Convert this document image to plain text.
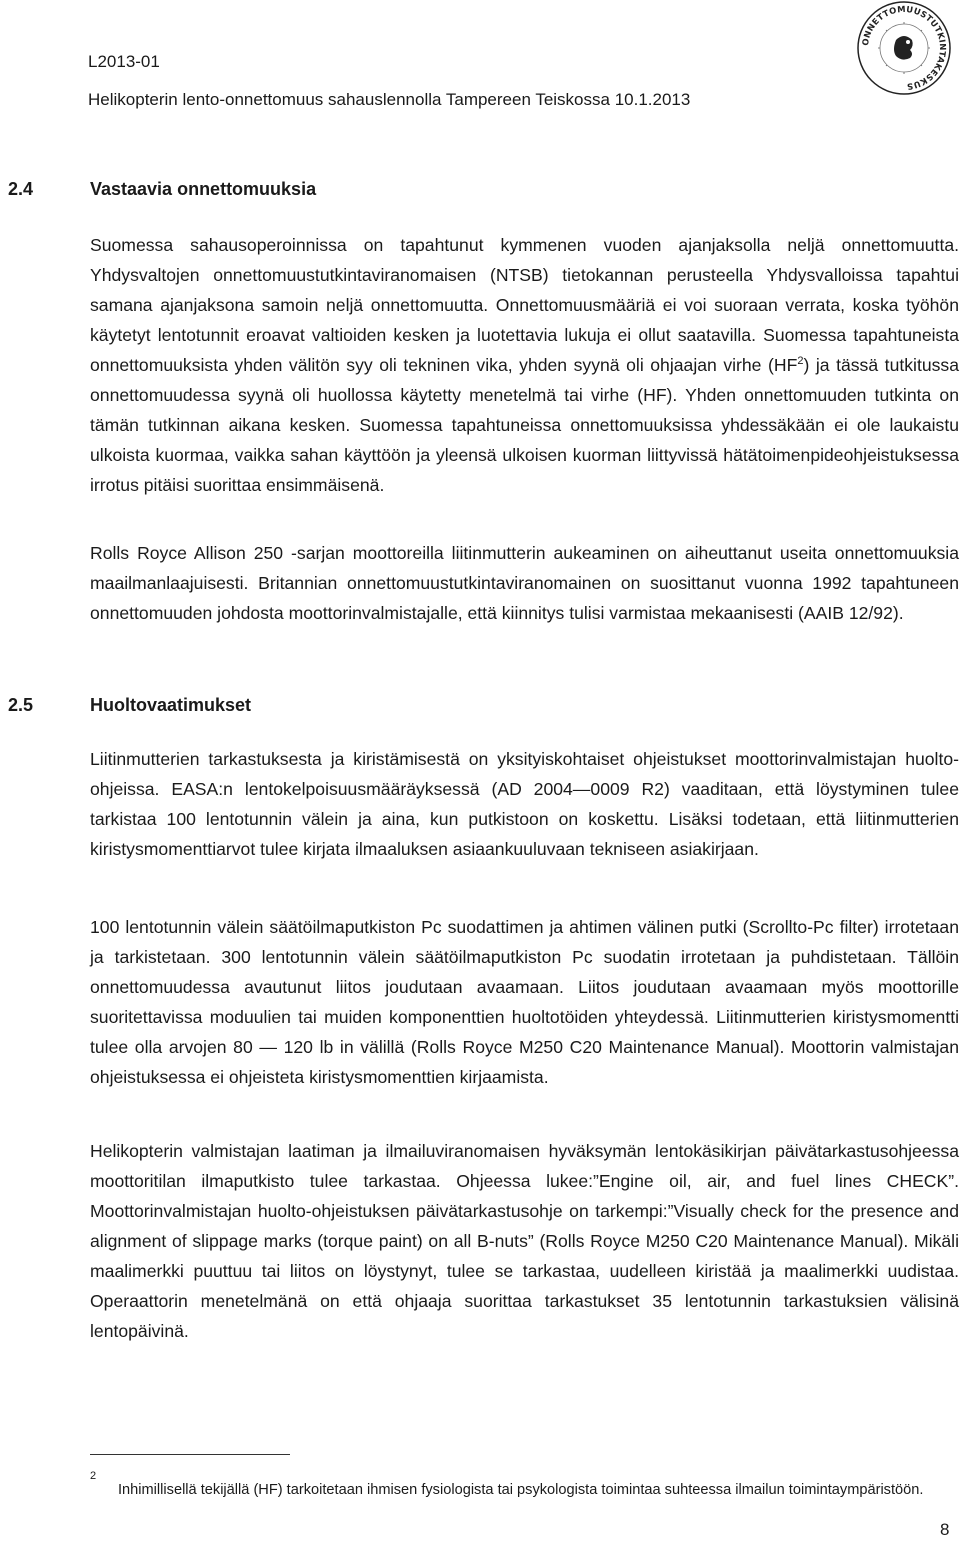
L2013-01
Helikopterin lento-onnettomuus sahauslennolla Tampereen Teiskossa 10.1.2013
ONNETTOMUUSTUTKINTAKESKUS
2.4	Vastaavia onnettomuuksia

Suomessa sahausoperoinnissa on tapahtunut kymmenen vuoden ajanjaksolla neljä onnettomuutta. Yhdysvaltojen onnettomuustutkintaviranomaisen (NTSB) tietokannan perusteella Yhdysvalloissa tapahtui samana ajanjaksona samoin neljä onnettomuutta. Onnettomuusmääriä ei voi suoraan verrata, koska työhön käytetyt lentotunnit eroavat valtioiden kesken ja luotettavia lukuja ei ollut saatavilla. Suomessa tapahtuneista onnettomuuksista yhden välitön syy oli tekninen vika, yhden syynä oli ohjaajan virhe $(HF^2)$ ja tässä tutkitussa onnettomuudessa syynä oli huollossa käytetty menetelmä tai virhe (HF). Yhden onnettomuuden tutkinta on tämän tutkinnan aikana kesken. Suomessa tapahtuneissa onnettomuuksissa yhdessäkään ei ole laukaistu ulkoista kuormaa, vaikka sahan käyttöön ja yleensä ulkoisen kuorman liittyvissä hätätoimenpideohjeistuksessa irrotus pitäisi suorittaa ensimmäisenä.

Rolls Royce Allison 250 -sarjan moottoreilla liitinmutterin aukeaminen on aiheuttanut useita onnettomuuksia maailmanlaajuisesti. Britannian onnettomuustutkintaviranomainen on suosittanut vuonna 1992 tapahtuneen onnettomuuden johdosta moottorinvalmistajalle, että kiinnitys tulisi varmistaa mekaanisesti (AAIB 12/92).

2.5	Huoltovaatimukset

Liitinmutterien tarkastuksesta ja kiristämisestä on yksityiskohtaiset ohjeistukset moottorinvalmistajan huolto-ohjeissa. EASA:n lentokelpoisuusmääräyksessä (AD 2004—0009 R2) vaaditaan, että löystyminen tulee tarkistaa 100 lentotunnin välein ja aina, kun putkistoon on koskettu. Lisäksi todetaan, että liitinmutterien kiristysmomenttiarvot tulee kirjata ilmaaluksen asiaankuuluvaan tekniseen asiakirjaan.

100 lentotunnin välein säätöilmaputkiston Pc suodattimen ja ahtimen välinen putki (Scrollto-Pc filter) irrotetaan ja tarkistetaan. 300 lentotunnin välein säätöilmaputkiston Pc suodatin irrotetaan ja puhdistetaan. Tällöin onnettomuudessa avautunut liitos joudutaan avaamaan. Liitos joudutaan avaamaan myös moottorille suoritettavissa moduulien tai muiden komponenttien huoltotöiden yhteydessä. Liitinmutterien kiristysmomentti tulee olla arvojen 80 — 120 lb in välillä (Rolls Royce M250 C20 Maintenance Manual). Moottorin valmistajan ohjeistuksessa ei ohjeisteta kiristysmomenttien kirjaamista.

Helikopterin valmistajan laatiman ja ilmailuviranomaisen hyväksymän lentokäsikirjan päivätarkastusohjeessa moottoritilan ilmaputkisto tulee tarkastaa. Ohjeessa lukee:”Engine oil, air, and fuel lines CHECK”. Moottorinvalmistajan huolto-ohjeistuksen päivätarkastusohje on tarkempi:”Visually check for the presence and alignment of slippage marks (torque paint) on all B-nuts” (Rolls Royce M250 C20 Maintenance Manual). Mikäli maalimerkki puuttuu tai liitos on löystynyt, tulee se tarkastaa, uudelleen kiristää ja maalimerkki uudistaa. Operaattorin menetelmänä on että ohjaaja suorittaa tarkastukset 35 lentotunnin tarkastuksien välisinä lentopäivinä.

2

Inhimillisellä tekijällä (HF) tarkoitetaan ihmisen fysiologista tai psykologista toimintaa suhteessa ilmailun toimintaympäristöön.

8
